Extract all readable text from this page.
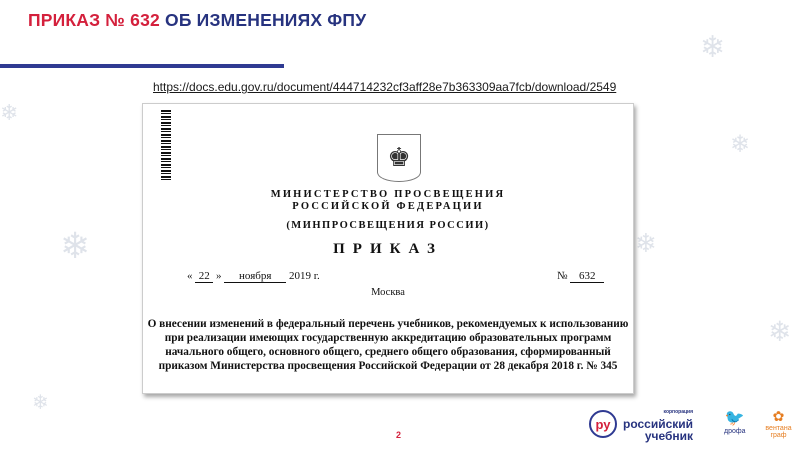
ПРИКАЗ № 632 ОБ ИЗМЕНЕНИЯХ ФПУ
https://docs.edu.gov.ru/document/444714232cf3aff28e7b363309aa7fcb/download/2549
❄
❄
❄
❄
❄
❄
❄
♚
МИНИСТЕРСТВО ПРОСВЕЩЕНИЯ
РОССИЙСКОЙ ФЕДЕРАЦИИ
(МИНПРОСВЕЩЕНИЯ РОССИИ)
ПРИКАЗ
« 22 » ноября 2019 г.	№ 632
Москва
О внесении изменений в федеральный перечень учебников, рекомендуемых к использованию при реализации имеющих государственную аккредитацию образовательных программ начального общего, основного общего, среднего общего образования, сформированный приказом Министерства просвещения Российской Федерации от 28 декабря 2018 г. № 345
2
ру
корпорация
российский
учебник
🐦
дрофа
✿
вентана граф
